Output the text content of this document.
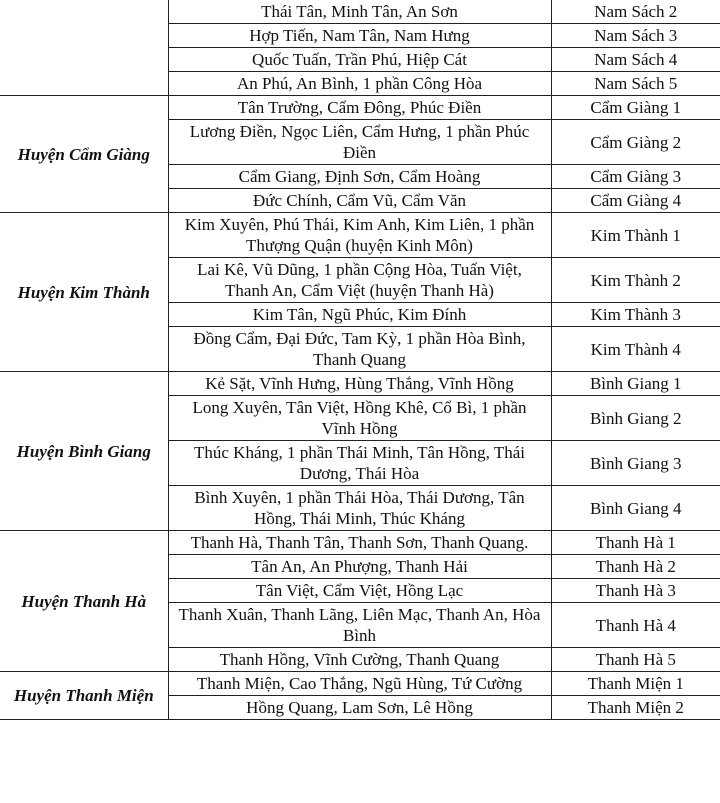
	Thái Tân, Minh Tân, An Sơn	Nam Sách 2
	Hợp Tiến, Nam Tân, Nam Hưng	Nam Sách 3
	Quốc Tuấn, Trần Phú, Hiệp Cát	Nam Sách 4
	An Phú, An Bình, 1 phần Công Hòa	Nam Sách 5
Huyện Cẩm Giàng	Tân Trường, Cẩm Đông, Phúc Điền	Cẩm Giàng 1
	Lương Điền, Ngọc Liên, Cẩm Hưng, 1 phần Phúc Điền	Cẩm Giàng 2
	Cẩm Giang, Định Sơn, Cẩm Hoàng	Cẩm Giàng 3
	Đức Chính, Cẩm Vũ, Cẩm Văn	Cẩm Giàng 4
Huyện Kim Thành	Kim Xuyên, Phú Thái, Kim Anh, Kim Liên, 1 phần Thượng Quận (huyện Kinh Môn)	Kim Thành 1
	Lai Kê, Vũ Dũng, 1 phần Cộng Hòa, Tuấn Việt, Thanh An, Cẩm Việt (huyện Thanh Hà)	Kim Thành 2
	Kim Tân, Ngũ Phúc, Kim Đính	Kim Thành 3
	Đồng Cẩm, Đại Đức, Tam Kỳ, 1 phần Hòa Bình, Thanh Quang	Kim Thành 4
Huyện Bình Giang	Kẻ Sặt, Vĩnh Hưng, Hùng Thắng, Vĩnh Hồng	Bình Giang 1
	Long Xuyên, Tân Việt, Hồng Khê, Cổ Bì, 1 phần Vĩnh Hồng	Bình Giang 2
	Thúc Kháng, 1 phần Thái Minh, Tân Hồng, Thái Dương, Thái Hòa	Bình Giang 3
	Bình Xuyên, 1 phần Thái Hòa, Thái Dương, Tân Hồng, Thái Minh, Thúc Kháng	Bình Giang 4
Huyện Thanh Hà	Thanh Hà, Thanh Tân, Thanh Sơn, Thanh Quang.	Thanh Hà 1
	Tân An, An Phượng, Thanh Hải	Thanh Hà 2
	Tân Việt, Cẩm Việt, Hồng Lạc	Thanh Hà 3
	Thanh Xuân, Thanh Lãng, Liên Mạc, Thanh An, Hòa Bình	Thanh Hà 4
	Thanh Hồng, Vĩnh Cường, Thanh Quang	Thanh Hà 5
Huyện Thanh Miện	Thanh Miện, Cao Thắng, Ngũ Hùng, Tứ Cường	Thanh Miện 1
	Hồng Quang, Lam Sơn, Lê Hồng	Thanh Miện 2
